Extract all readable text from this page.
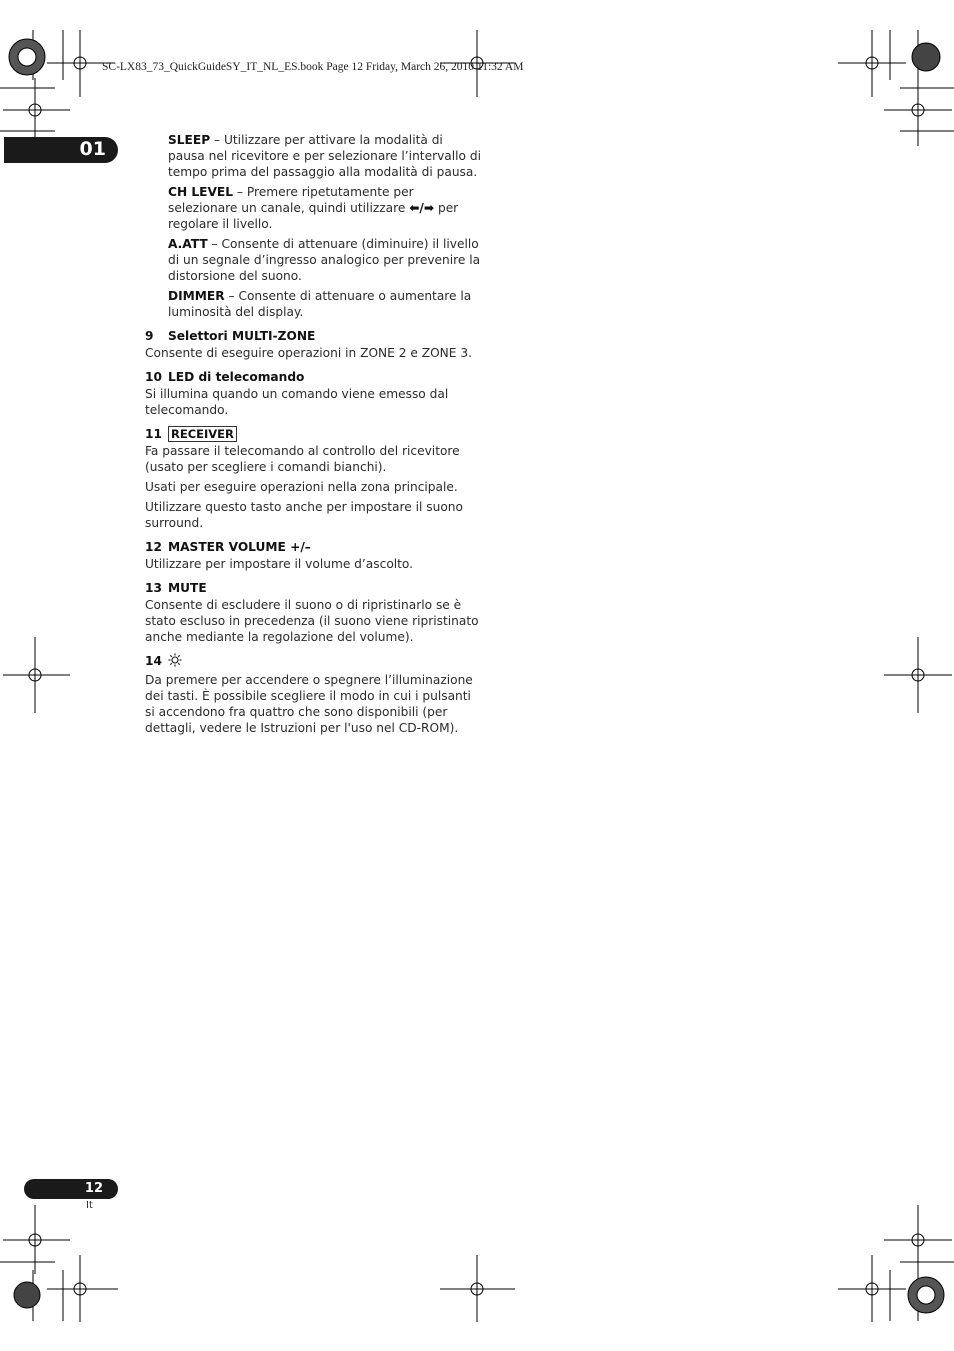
SC-LX83_73_QuickGuideSY_IT_NL_ES.book Page 12 Friday, March 26, 2010 11:32 AM
01	SLEEP – Utilizzare per attivare la modalità di pausa nel ricevitore e per selezionare l’intervallo di tempo prima del passaggio alla modalità di pausa.
CH LEVEL – Premere ripetutamente per selezionare un canale, quindi utilizzare ⬅/➡ per regolare il livello.
A.ATT – Consente di attenuare (diminuire) il livello di un segnale d’ingresso analogico per prevenire la distorsione del suono.
DIMMER – Consente di attenuare o aumentare la luminosità del display.
9 Selettori MULTI-ZONE
Consente di eseguire operazioni in ZONE 2 e ZONE 3.
10 LED di telecomando
Si illumina quando un comando viene emesso dal telecomando.
11 RECEIVER
Fa passare il telecomando al controllo del ricevitore (usato per scegliere i comandi bianchi).
Usati per eseguire operazioni nella zona principale.
Utilizzare questo tasto anche per impostare il suono surround.
12 MASTER VOLUME +/–
Utilizzare per impostare il volume d’ascolto.
13 MUTE
Consente di escludere il suono o di ripristinarlo se è stato escluso in precedenza (il suono viene ripristinato anche mediante la regolazione del volume).
14
Da premere per accendere o spegnere l’illuminazione dei tasti. È possibile scegliere il modo in cui i pulsanti si accendono fra quattro che sono disponibili (per dettagli, vedere le Istruzioni per l'uso nel CD-ROM).
12
It
